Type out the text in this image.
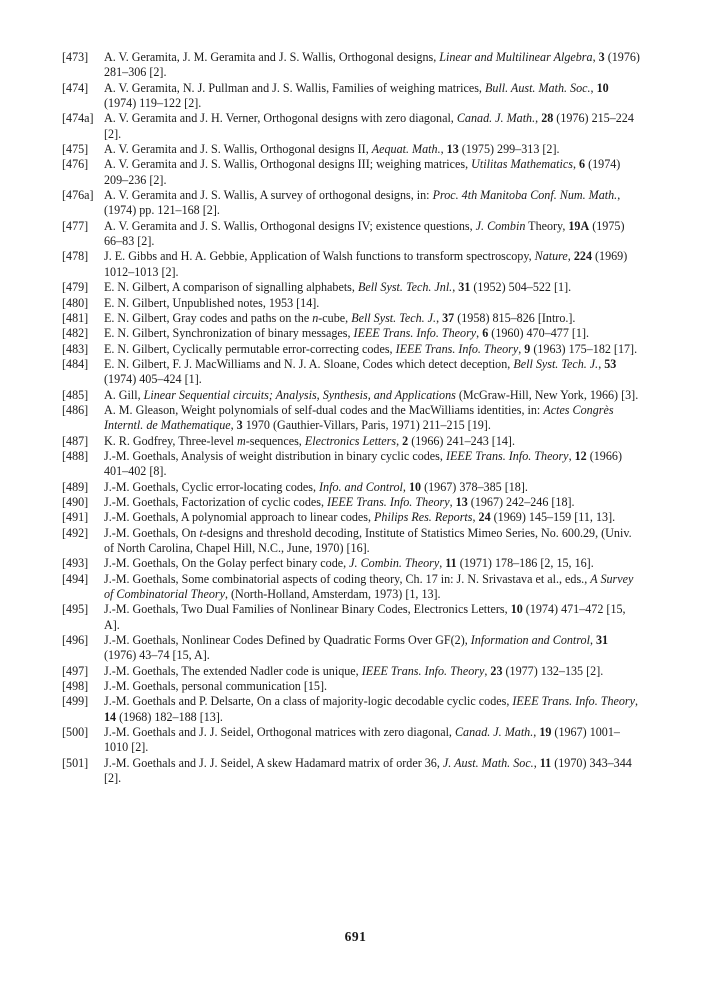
[473] A. V. Geramita, J. M. Geramita and J. S. Wallis, Orthogonal designs, Linear and Multilinear Algebra, 3 (1976) 281–306 [2].
[474] A. V. Geramita, N. J. Pullman and J. S. Wallis, Families of weighing matrices, Bull. Aust. Math. Soc., 10 (1974) 119–122 [2].
[474a] A. V. Geramita and J. H. Verner, Orthogonal designs with zero diagonal, Canad. J. Math., 28 (1976) 215–224 [2].
[475] A. V. Geramita and J. S. Wallis, Orthogonal designs II, Aequat. Math., 13 (1975) 299–313 [2].
[476] A. V. Geramita and J. S. Wallis, Orthogonal designs III; weighing matrices, Utilitas Mathematics, 6 (1974) 209–236 [2].
[476a] A. V. Geramita and J. S. Wallis, A survey of orthogonal designs, in: Proc. 4th Manitoba Conf. Num. Math., (1974) pp. 121–168 [2].
[477] A. V. Geramita and J. S. Wallis, Orthogonal designs IV; existence questions, J. Combin Theory, 19A (1975) 66–83 [2].
[478] J. E. Gibbs and H. A. Gebbie, Application of Walsh functions to transform spectroscopy, Nature, 224 (1969) 1012–1013 [2].
[479] E. N. Gilbert, A comparison of signalling alphabets, Bell Syst. Tech. Jnl., 31 (1952) 504–522 [1].
[480] E. N. Gilbert, Unpublished notes, 1953 [14].
[481] E. N. Gilbert, Gray codes and paths on the n-cube, Bell Syst. Tech. J., 37 (1958) 815–826 [Intro.].
[482] E. N. Gilbert, Synchronization of binary messages, IEEE Trans. Info. Theory, 6 (1960) 470–477 [1].
[483] E. N. Gilbert, Cyclically permutable error-correcting codes, IEEE Trans. Info. Theory, 9 (1963) 175–182 [17].
[484] E. N. Gilbert, F. J. MacWilliams and N. J. A. Sloane, Codes which detect deception, Bell Syst. Tech. J., 53 (1974) 405–424 [1].
[485] A. Gill, Linear Sequential circuits; Analysis, Synthesis, and Applications (McGraw-Hill, New York, 1966) [3].
[486] A. M. Gleason, Weight polynomials of self-dual codes and the MacWilliams identities, in: Actes Congrès Interntl. de Mathematique, 3 1970 (Gauthier-Villars, Paris, 1971) 211–215 [19].
[487] K. R. Godfrey, Three-level m-sequences, Electronics Letters, 2 (1966) 241–243 [14].
[488] J.-M. Goethals, Analysis of weight distribution in binary cyclic codes, IEEE Trans. Info. Theory, 12 (1966) 401–402 [8].
[489] J.-M. Goethals, Cyclic error-locating codes, Info. and Control, 10 (1967) 378–385 [18].
[490] J.-M. Goethals, Factorization of cyclic codes, IEEE Trans. Info. Theory, 13 (1967) 242–246 [18].
[491] J.-M. Goethals, A polynomial approach to linear codes, Philips Res. Reports, 24 (1969) 145–159 [11, 13].
[492] J.-M. Goethals, On t-designs and threshold decoding, Institute of Statistics Mimeo Series, No. 600.29, (Univ. of North Carolina, Chapel Hill, N.C., June, 1970) [16].
[493] J.-M. Goethals, On the Golay perfect binary code, J. Combin. Theory, 11 (1971) 178–186 [2, 15, 16].
[494] J.-M. Goethals, Some combinatorial aspects of coding theory, Ch. 17 in: J. N. Srivastava et al., eds., A Survey of Combinatorial Theory, (North-Holland, Amsterdam, 1973) [1, 13].
[495] J.-M. Goethals, Two Dual Families of Nonlinear Binary Codes, Electronics Letters, 10 (1974) 471–472 [15, A].
[496] J.-M. Goethals, Nonlinear Codes Defined by Quadratic Forms Over GF(2), Information and Control, 31 (1976) 43–74 [15, A].
[497] J.-M. Goethals, The extended Nadler code is unique, IEEE Trans. Info. Theory, 23 (1977) 132–135 [2].
[498] J.-M. Goethals, personal communication [15].
[499] J.-M. Goethals and P. Delsarte, On a class of majority-logic decodable cyclic codes, IEEE Trans. Info. Theory, 14 (1968) 182–188 [13].
[500] J.-M. Goethals and J. J. Seidel, Orthogonal matrices with zero diagonal, Canad. J. Math., 19 (1967) 1001–1010 [2].
[501] J.-M. Goethals and J. J. Seidel, A skew Hadamard matrix of order 36, J. Aust. Math. Soc., 11 (1970) 343–344 [2].
691
